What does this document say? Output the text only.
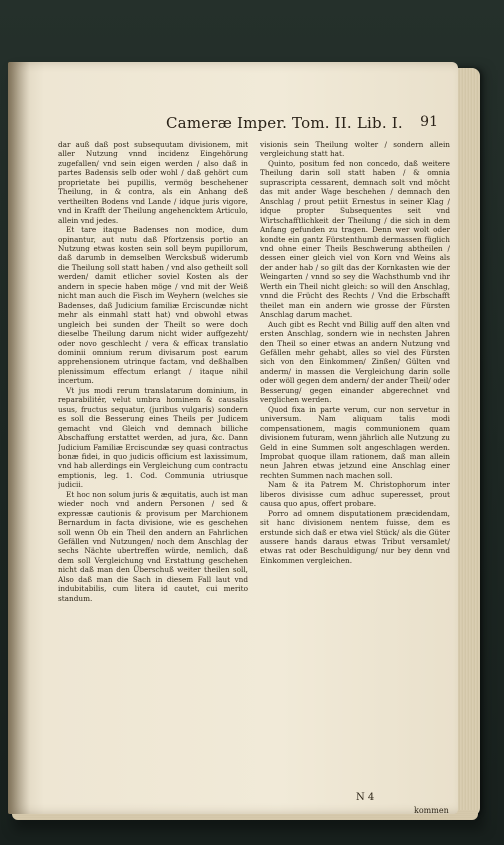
Cameræ Imper. Tom. II. Lib. I. 91

dar auß daß post subsequutam divisionem, mit aller Nutzung vnnd incidenz Eingehörung zugefallen/ vnd sein eigen werden / also daß in partes Badensis selb oder wohl / daß gehört cum proprietate bei pupillis, vermög beschehener Theilung, in & contra, als ein Anhang deß vertheilten Bodens vnd Lande / idque juris vigore, vnd in Krafft der Theilung angehencktem Articulo, allein vnd jedes.

Et tare itaque Badenses non modice, dum opinantur, aut nutu daß Pfortzensis portio an Nutzung etwas kosten sein soll beym pupillorum, daß darumb in demselben Wercksbuß widerumb die Theilung soll statt haben / vnd also getheilt soll werden/ damit etlicher soviel Kosten als der andern in specie haben möge / vnd mit der Weiß nicht man auch die Fisch im Weyhern (welches sie Badenses, daß Judicium familiæ Erciscundæ nicht mehr als einmahl statt hat) vnd obwohl etwas ungleich bei sunden der Theilt so were doch dieselbe Theilung darum nicht wider auffgezeht/ oder novo geschlecht / vera & efficax translatio dominii omnium rerum divisarum post earum apprehensionem utrinque factam, vnd deßhalben plenissimum effectum erlangt / itaque nihil incertum.

Vt jus modi rerum translatarum dominium, in reparabilitér, velut umbra hominem & causalis usus, fructus sequatur, (juribus vulgaris) sondern es soll die Besserung eines Theils per Judicem gemacht vnd Gleich vnd demnach billiche Abschaffung erstattet werden, ad jura, &c. Dann Judicium Familiæ Erciscundæ sey quasi contractus bonæ fidei, in quo judicis officium est laxissimum, vnd hab allerdings ein Vergleichung cum contractu emptionis, leg. 1. Cod. Communia utriusque judicii.

Et hoc non solum juris & æquitatis, auch ist man wieder noch vnd andern Personen / sed & expressæ cautionis & provisum per Marchionem Bernardum in facta divisione, wie es geschehen soll wenn Ob ein Theil den andern an Fahrlichen Gefällen vnd Nutzungen/ noch dem Anschlag der sechs Nächte ubertreffen würde, nemlich, daß dem soll Vergleichung vnd Erstattung geschehen nicht daß man den Überschuß weiter theilen soll, Also daß man die Sach in diesem Fall laut vnd indubitabilis, cum litera id cautet, cui merito standum.

visionis sein Theilung wolter / sondern allein vergleichung statt hat.

Quinto, positum fed non concedo, daß weitere Theilung darin soll statt haben / & omnia suprascripta cessarent, demnach solt vnd möcht das mit ander Wage beschehen / demnach den Anschlag / prout petiit Ernestus in seiner Klag / idque propter Subsequentes seit vnd Wirtschafftlichkeit der Theilung / die sich in dem Anfang gefunden zu tragen. Denn wer wolt oder kondte ein gantz Fürstenthumb dermassen füglich vnd ohne einer Theils Beschwerung abtheilen / dessen einer gleich viel von Korn vnd Weins als der ander hab / so gilt das der Kornkasten wie der Weingarten / vnnd so sey die Wachsthumb vnd ihr Werth ein Theil nicht gleich: so will den Anschlag, vnnd die Frücht des Rechts / Vnd die Erbschafft theilet man ein andern wie grosse der Fürsten Anschlag darum machet.

Auch gibt es Recht vnd Billig auff den alten vnd ersten Anschlag, sondern wie in nechsten Jahren den Theil so einer etwas an andern Nutzung vnd Gefällen mehr gehabt, alles so viel des Fürsten sich von den Einkommen/ Zinßen/ Gülten vnd anderm/ in massen die Vergleichung darin solle oder wöll gegen dem andern/ der ander Theil/ oder Besserung/ gegen einander abgerechnet vnd verglichen werden.

Quod fixa in parte verum, cur non servetur in universum. Nam aliquam talis modi compensationem, magis communionem quam divisionem futuram, wenn jährlich alle Nutzung zu Geld in eine Summen solt angeschlagen werden. Improbat quoque illam rationem, daß man allein neun Jahren etwas jetzund eine Anschlag einer rechten Summen nach machen soll.

Nam & ita Patrem M. Christophorum inter liberos divisisse cum adhuc superesset, prout causa quo apus, offert probare.

Porro ad omnem disputationem præcidendam, sit hanc divisionem nentem fuisse, dem es erstunde sich daß er etwa viel Stück/ als die Güter aussere hands daraus etwas Tribut versamlet/ etwas rat oder Beschuldigung/ nur bey denn vnd Einkommen vergleichen.

N 4
kommen
